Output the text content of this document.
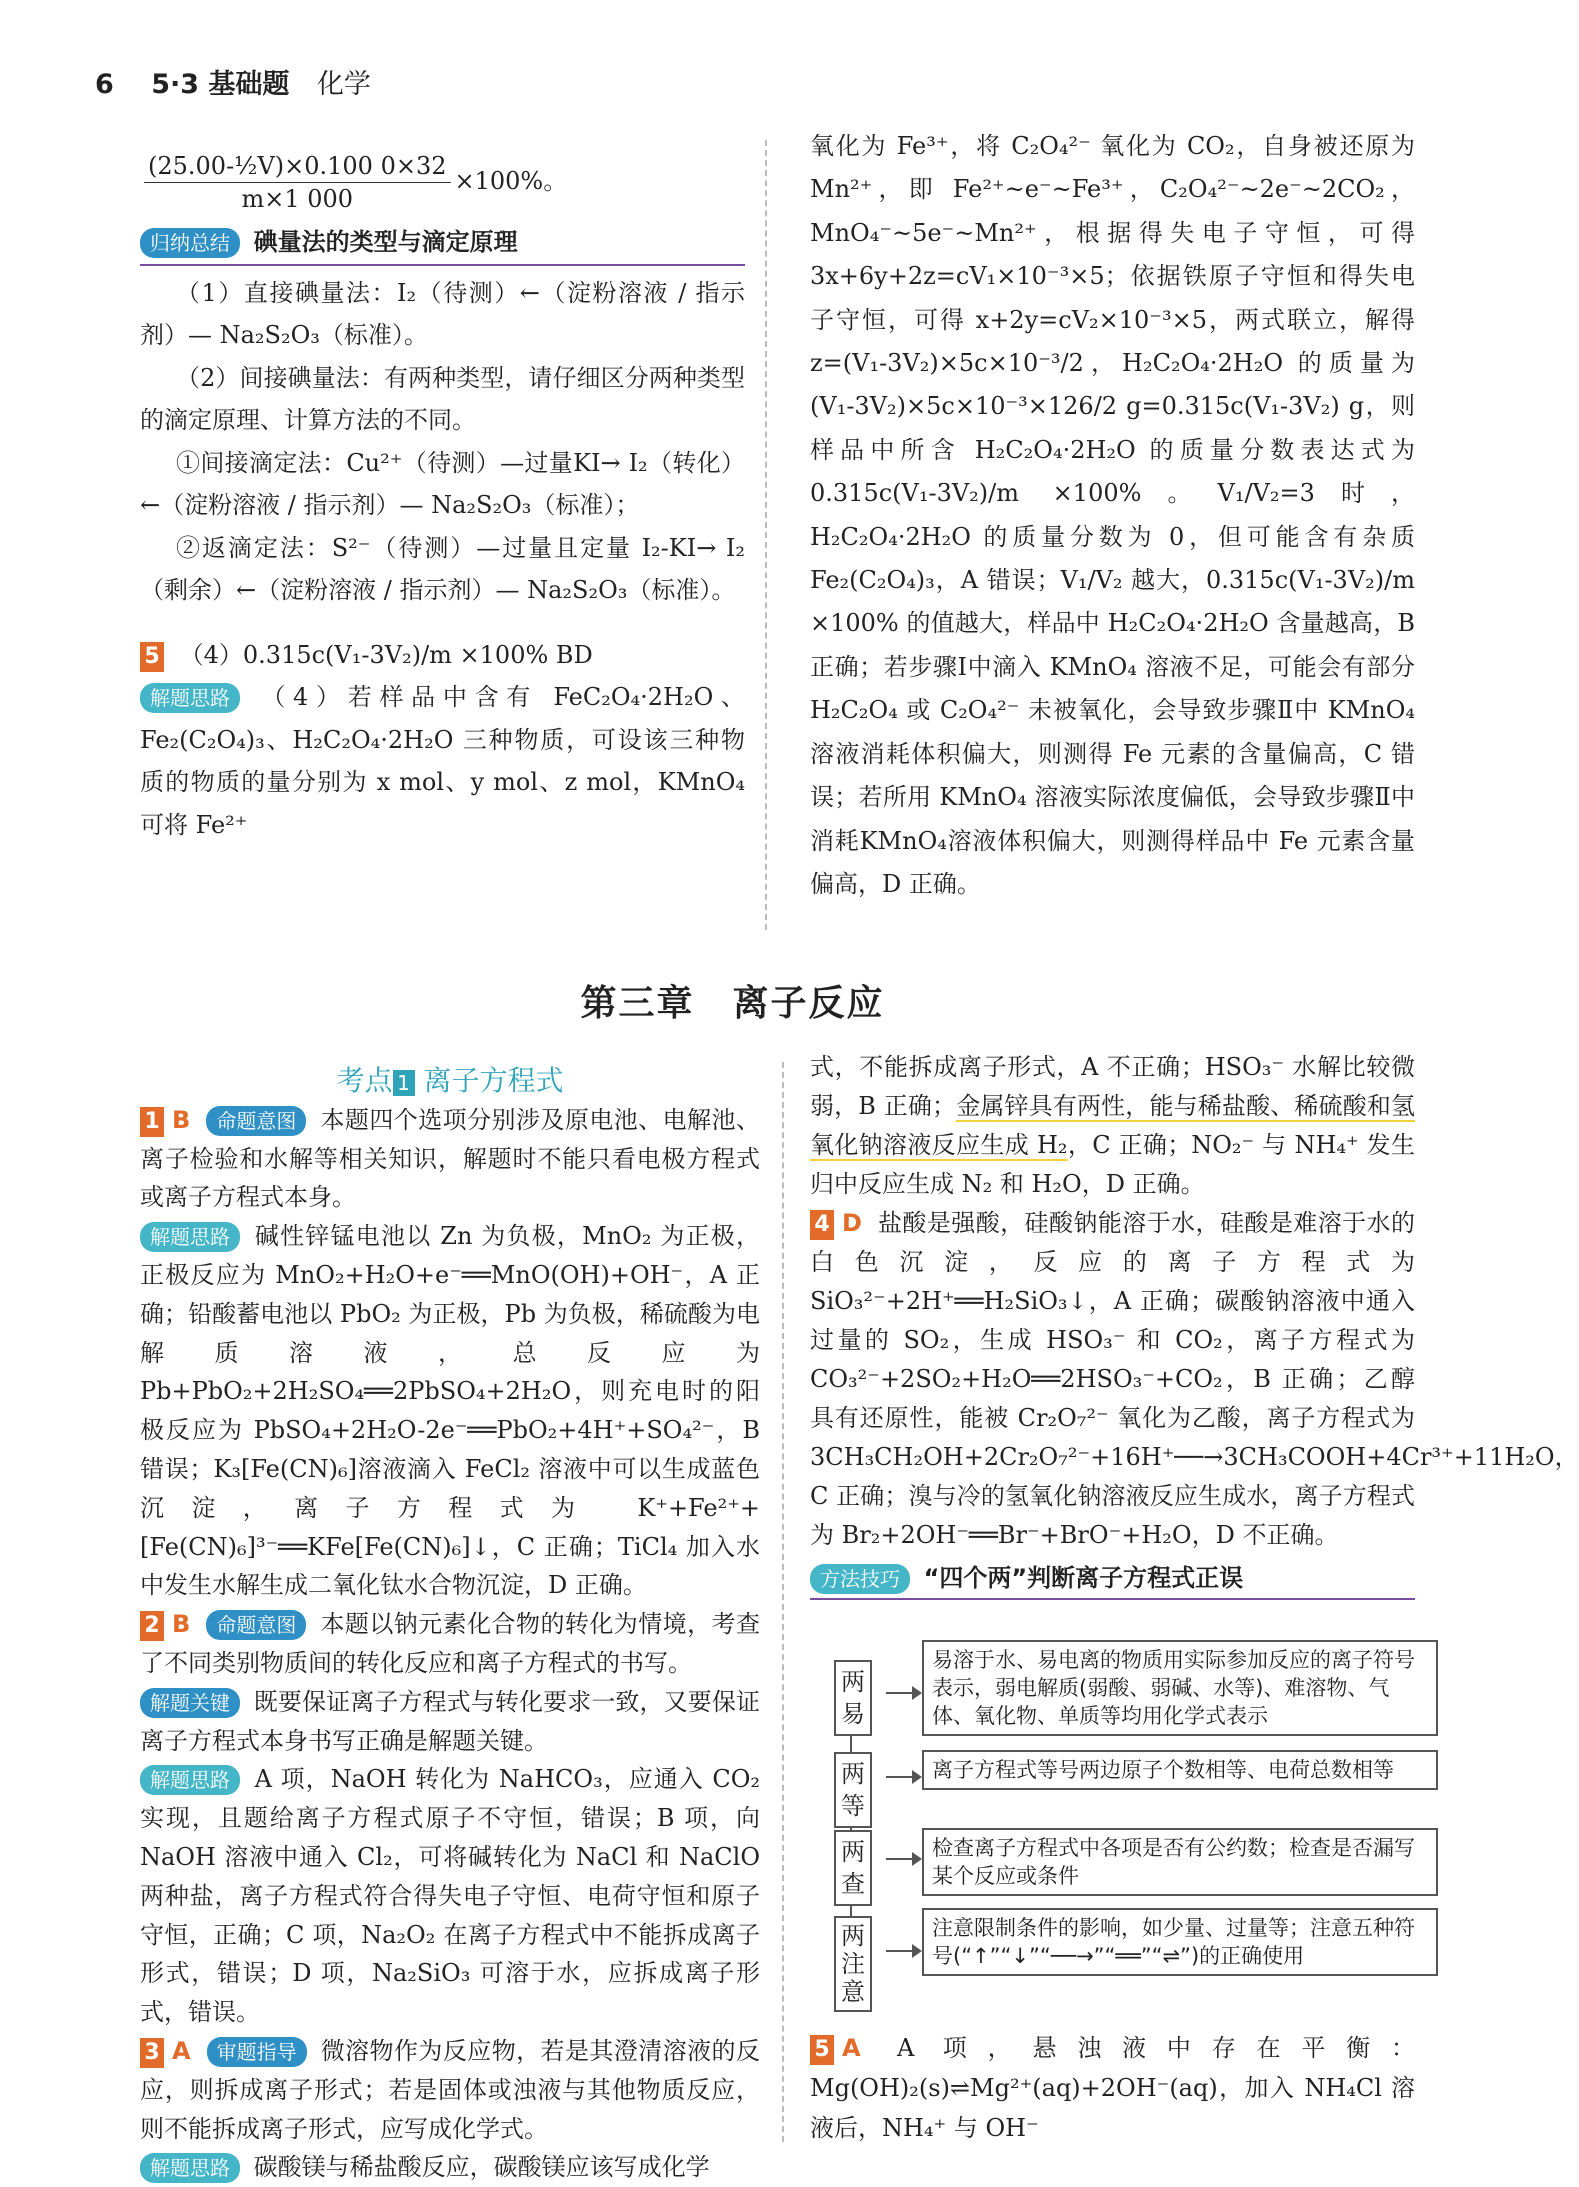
6 5·3 基础题 化学

$\frac{\text{(25.00-½V)×0.100 0×32}}{m\times 1 000} \times 100\%$。

归纳总结 碘量法的类型与滴定原理

（1）直接碘量法：I₂（待测）←（淀粉溶液 / 指示剂）— Na₂S₂O₃（标准）。

（2）间接碘量法：有两种类型，请仔细区分两种类型的滴定原理、计算方法的不同。

①间接滴定法：Cu²⁺（待测）—过量KI→ I₂（转化）←（淀粉溶液 / 指示剂）— Na₂S₂O₃（标准）；

②返滴定法：S²⁻（待测）—过量且定量 I₂-KI→ I₂（剩余）←（淀粉溶液 / 指示剂）— Na₂S₂O₃（标准）。

5 （4）0.315c(V₁-3V₂)/m ×100% BD

解题思路 （4）若样品中含有 FeC₂O₄·2H₂O、Fe₂(C₂O₄)₃、H₂C₂O₄·2H₂O 三种物质，可设该三种物质的物质的量分别为 x mol、y mol、z mol，KMnO₄ 可将 Fe²⁺

氧化为 Fe³⁺，将 C₂O₄²⁻ 氧化为 CO₂，自身被还原为 Mn²⁺，即 Fe²⁺~e⁻~Fe³⁺，C₂O₄²⁻~2e⁻~2CO₂，MnO₄⁻~5e⁻~Mn²⁺，根据得失电子守恒，可得 3x+6y+2z=cV₁×10⁻³×5；依据铁原子守恒和得失电子守恒，可得 x+2y=cV₂×10⁻³×5，两式联立，解得 z=(V₁-3V₂)×5c×10⁻³/2，H₂C₂O₄·2H₂O 的质量为 (V₁-3V₂)×5c×10⁻³×126/2 g=0.315c(V₁-3V₂) g，则样品中所含 H₂C₂O₄·2H₂O 的质量分数表达式为 0.315c(V₁-3V₂)/m ×100%。V₁/V₂=3时，H₂C₂O₄·2H₂O 的质量分数为 0，但可能含有杂质Fe₂(C₂O₄)₃，A 错误；V₁/V₂ 越大，0.315c(V₁-3V₂)/m ×100% 的值越大，样品中 H₂C₂O₄·2H₂O 含量越高，B 正确；若步骤Ⅰ中滴入 KMnO₄ 溶液不足，可能会有部分 H₂C₂O₄ 或 C₂O₄²⁻ 未被氧化，会导致步骤Ⅱ中 KMnO₄ 溶液消耗体积偏大，则测得 Fe 元素的含量偏高，C 错误；若所用 KMnO₄ 溶液实际浓度偏低，会导致步骤Ⅱ中消耗KMnO₄溶液体积偏大，则测得样品中 Fe 元素含量偏高，D 正确。

第三章　离子反应

考点 1 离子方程式

1 B 命题意图 本题四个选项分别涉及原电池、电解池、离子检验和水解等相关知识，解题时不能只看电极方程式或离子方程式本身。

解题思路 碱性锌锰电池以 Zn 为负极，MnO₂ 为正极，正极反应为 MnO₂+H₂O+e⁻══MnO(OH)+OH⁻，A 正确；铅酸蓄电池以 PbO₂ 为正极，Pb 为负极，稀硫酸为电解质溶液，总反应为 Pb+PbO₂+2H₂SO₄══2PbSO₄+2H₂O，则充电时的阳极反应为 PbSO₄+2H₂O-2e⁻══PbO₂+4H⁺+SO₄²⁻，B 错误；K₃[Fe(CN)₆]溶液滴入 FeCl₂ 溶液中可以生成蓝色沉淀，离子方程式为 K⁺+Fe²⁺+[Fe(CN)₆]³⁻══KFe[Fe(CN)₆]↓，C 正确；TiCl₄ 加入水中发生水解生成二氧化钛水合物沉淀，D 正确。

2 B 命题意图 本题以钠元素化合物的转化为情境，考查了不同类别物质间的转化反应和离子方程式的书写。

解题关键 既要保证离子方程式与转化要求一致，又要保证离子方程式本身书写正确是解题关键。

解题思路 A 项，NaOH 转化为 NaHCO₃，应通入 CO₂ 实现，且题给离子方程式原子不守恒，错误；B 项，向 NaOH 溶液中通入 Cl₂，可将碱转化为 NaCl 和 NaClO 两种盐，离子方程式符合得失电子守恒、电荷守恒和原子守恒，正确；C 项，Na₂O₂ 在离子方程式中不能拆成离子形式，错误；D 项，Na₂SiO₃ 可溶于水，应拆成离子形式，错误。

3 A 审题指导 微溶物作为反应物，若是其澄清溶液的反应，则拆成离子形式；若是固体或浊液与其他物质反应，则不能拆成离子形式，应写成化学式。

解题思路 碳酸镁与稀盐酸反应，碳酸镁应该写成化学

式，不能拆成离子形式，A 不正确；HSO₃⁻ 水解比较微弱，B 正确；金属锌具有两性，能与稀盐酸、稀硫酸和氢氧化钠溶液反应生成 H₂，C 正确；NO₂⁻ 与 NH₄⁺ 发生归中反应生成 N₂ 和 H₂O，D 正确。

4 D 盐酸是强酸，硅酸钠能溶于水，硅酸是难溶于水的白色沉淀，反应的离子方程式为 SiO₃²⁻+2H⁺══H₂SiO₃↓，A 正确；碳酸钠溶液中通入过量的 SO₂，生成 HSO₃⁻ 和 CO₂，离子方程式为 CO₃²⁻+2SO₂+H₂O══2HSO₃⁻+CO₂，B 正确；乙醇具有还原性，能被 Cr₂O₇²⁻ 氧化为乙酸，离子方程式为 3CH₃CH₂OH+2Cr₂O₇²⁻+16H⁺──→3CH₃COOH+4Cr³⁺+11H₂O，C 正确；溴与冷的氢氧化钠溶液反应生成水，离子方程式为 Br₂+2OH⁻══Br⁻+BrO⁻+H₂O，D 不正确。

方法技巧 “四个两”判断离子方程式正误

两易
易溶于水、易电离的物质用实际参加反应的离子符号表示，弱电解质(弱酸、弱碱、水等)、难溶物、气体、氧化物、单质等均用化学式表示
两等
离子方程式等号两边原子个数相等、电荷总数相等
两查
检查离子方程式中各项是否有公约数；检查是否漏写某个反应或条件
两注意
注意限制条件的影响，如少量、过量等；注意五种符号(“↑”“↓”“──→”“══”“⇌”)的正确使用

5 A A 项，悬浊液中存在平衡：Mg(OH)₂(s)⇌Mg²⁺(aq)+2OH⁻(aq)，加入 NH₄Cl 溶液后，NH₄⁺ 与 OH⁻
